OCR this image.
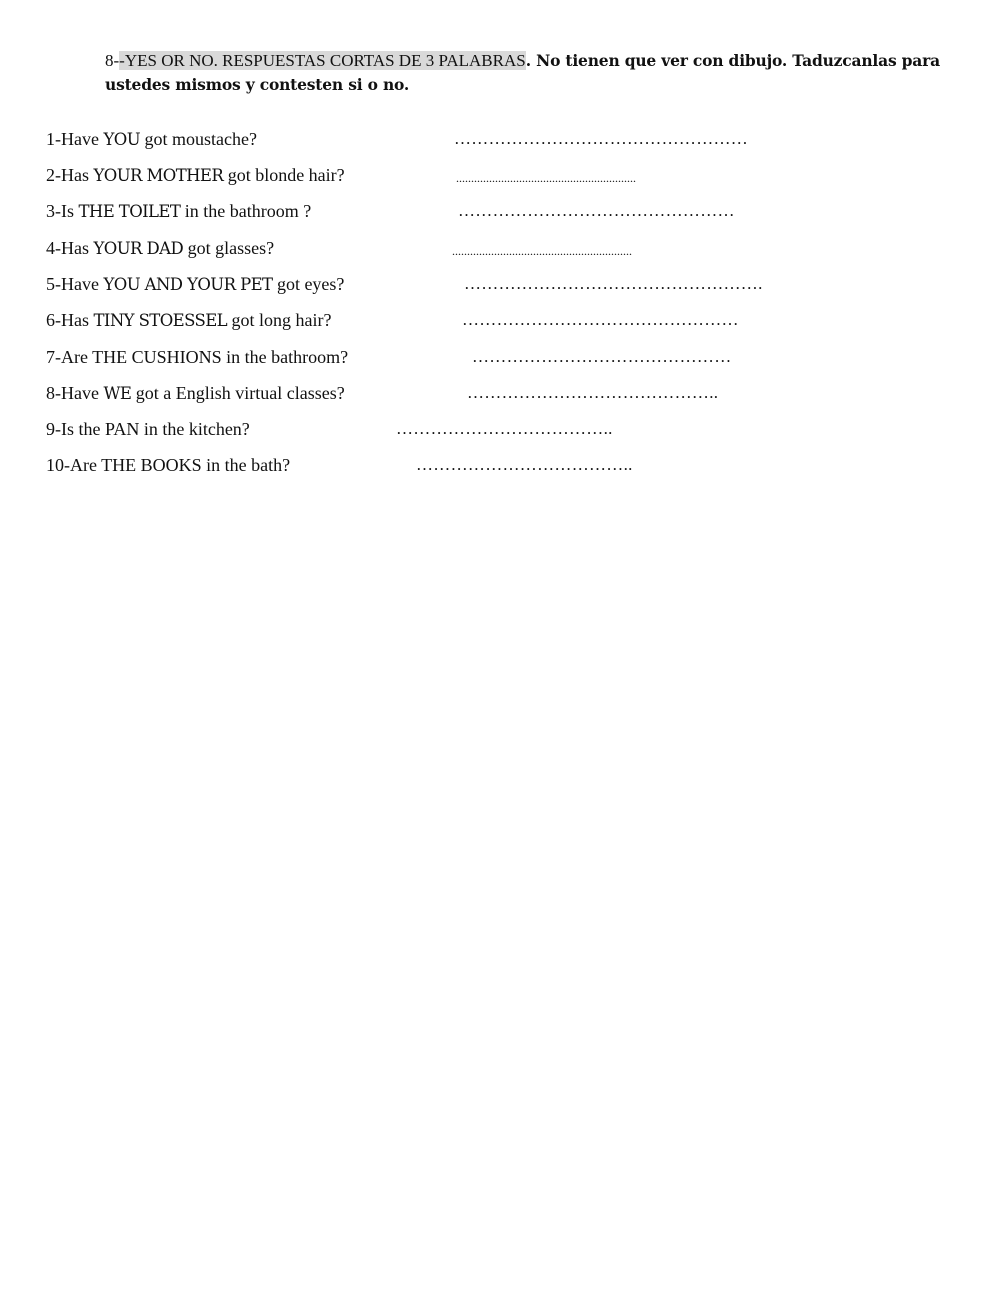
8--YES OR NO. RESPUESTAS CORTAS DE 3 PALABRAS. No tienen que ver con dibujo. Taduzcanlas para ustedes mismos y contesten si o no.
1-Have YOU got moustache?	……………………………………………
2-Has YOUR MOTHER got blonde hair?	............................................................
3-Is THE TOILET in the bathroom ?	…………………………………………
4-Has YOUR DAD got glasses?	............................................................
5-Have YOU AND YOUR PET got eyes?	…………………………………………….
6-Has TINY STOESSEL got long hair?	…………………………………………
7-Are THE CUSHIONS in the bathroom?	………………………………………
8-Have WE got a English virtual classes?	……………………………………..
9-Is the PAN in the kitchen?	………………………………..
10-Are THE BOOKS in the bath?	………………………………..
